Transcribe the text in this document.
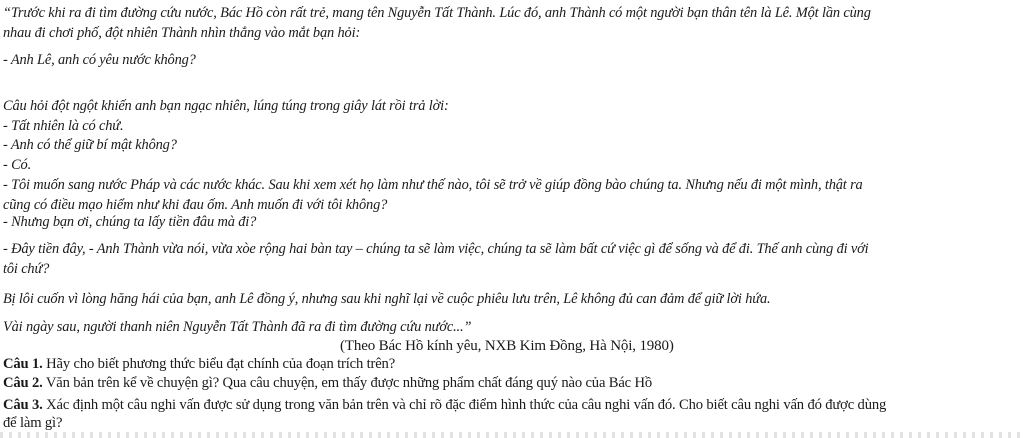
“Trước khi ra đi tìm đường cứu nước, Bác Hồ còn rất trẻ, mang tên Nguyễn Tất Thành. Lúc đó, anh Thành có một người bạn thân tên là Lê. Một lần cùng
nhau đi chơi phố, đột nhiên Thành nhìn thẳng vào mắt bạn hỏi:
- Anh Lê, anh có yêu nước không?
Câu hỏi đột ngột khiến anh bạn ngạc nhiên, lúng túng trong giây lát rồi trả lời:
- Tất nhiên là có chứ.
- Anh có thể giữ bí mật không?
- Có.
- Tôi muốn sang nước Pháp và các nước khác. Sau khi xem xét họ làm như thế nào, tôi sẽ trở về giúp đồng bào chúng ta. Nhưng nếu đi một mình, thật ra
cũng có điều mạo hiểm như khi đau ốm. Anh muốn đi với tôi không?
- Nhưng bạn ơi, chúng ta lấy tiền đâu mà đi?
- Đây tiền đây, - Anh Thành vừa nói, vừa xòe rộng hai bàn tay – chúng ta sẽ làm việc, chúng ta sẽ làm bất cứ việc gì để sống và để đi. Thế anh cùng đi với
tôi chứ?
Bị lôi cuốn vì lòng hăng hái của bạn, anh Lê đồng ý, nhưng sau khi nghĩ lại về cuộc phiêu lưu trên, Lê không đủ can đảm để giữ lời hứa.
Vài ngày sau, người thanh niên Nguyễn Tất Thành đã ra đi tìm đường cứu nước...”
(Theo Bác Hồ kính yêu, NXB Kim Đồng, Hà Nội, 1980)
Câu 1. Hãy cho biết phương thức biểu đạt chính của đoạn trích trên?
Câu 2. Văn bản trên kể về chuyện gì? Qua câu chuyện, em thấy được những phẩm chất đáng quý nào của Bác Hồ
Câu 3. Xác định một câu nghi vấn được sử dụng trong văn bản trên và chỉ rõ đặc điểm hình thức của câu nghi vấn đó. Cho biết câu nghi vấn đó được dùng
để làm gì?
